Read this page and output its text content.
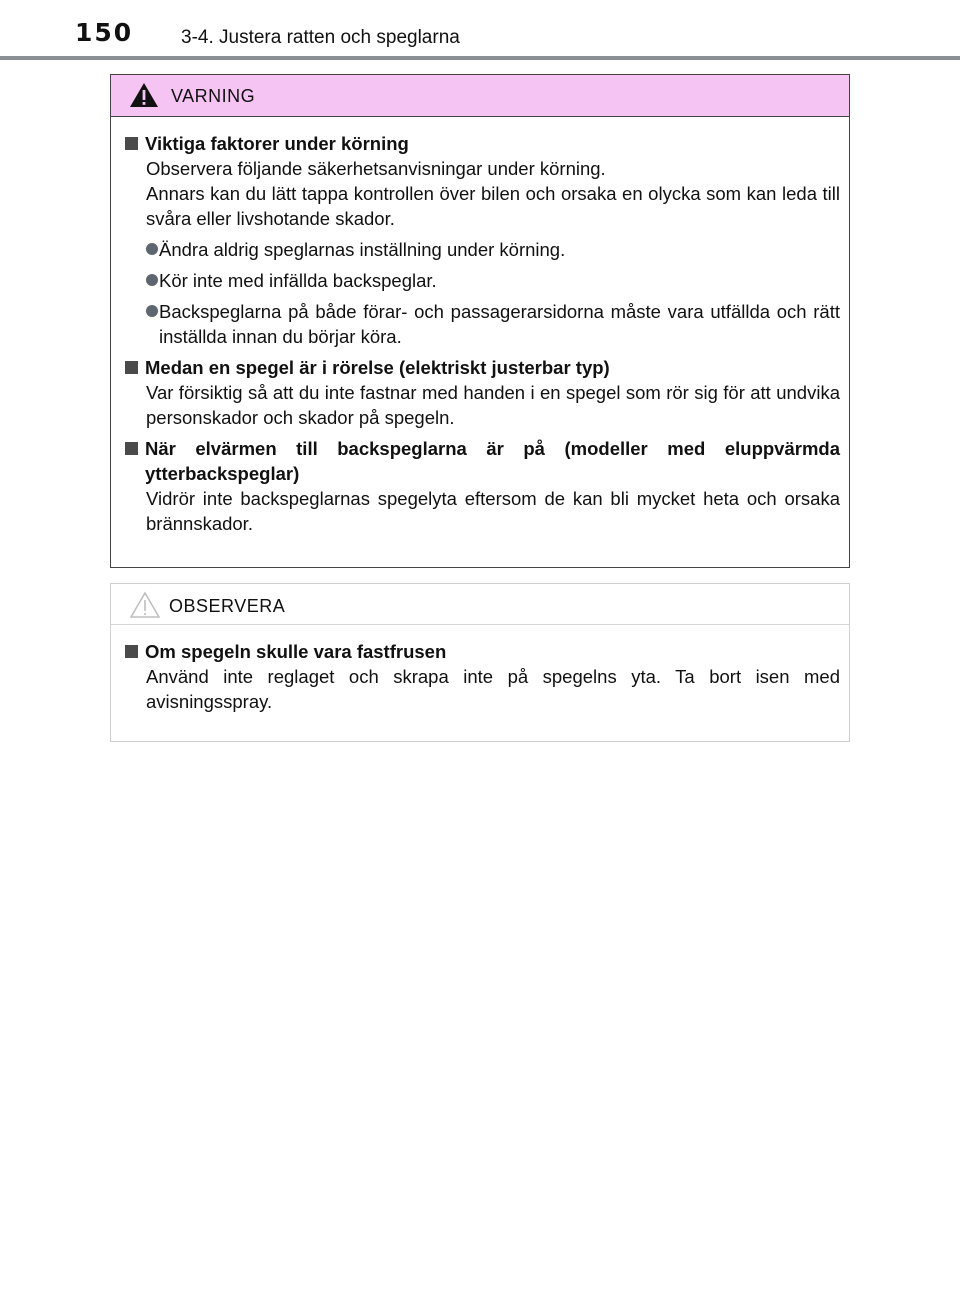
150	3-4. Justera ratten och speglarna
VARNING
Viktiga faktorer under körning
Observera följande säkerhetsanvisningar under körning.
Annars kan du lätt tappa kontrollen över bilen och orsaka en olycka som kan leda till svåra eller livshotande skador.
Ändra aldrig speglarnas inställning under körning.
Kör inte med infällda backspeglar.
Backspeglarna på både förar- och passagerarsidorna måste vara utfällda och rätt inställda innan du börjar köra.
Medan en spegel är i rörelse (elektriskt justerbar typ)
Var försiktig så att du inte fastnar med handen i en spegel som rör sig för att undvika personskador och skador på spegeln.
När elvärmen till backspeglarna är på (modeller med eluppvärmda ytterbackspeglar)
Vidrör inte backspeglarnas spegelyta eftersom de kan bli mycket heta och orsaka brännskador.
OBSERVERA
Om spegeln skulle vara fastfrusen
Använd inte reglaget och skrapa inte på spegelns yta. Ta bort isen med avisningsspray.
